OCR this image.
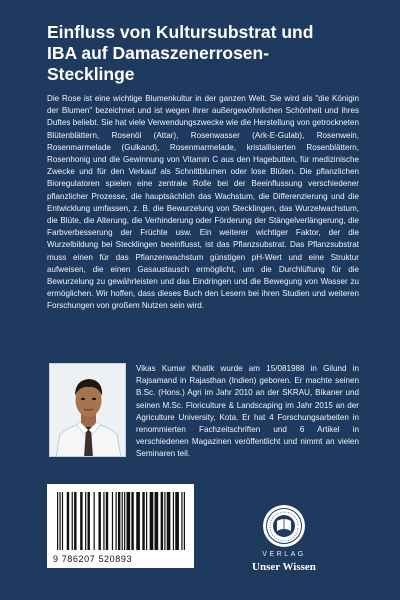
Einfluss von Kultursubstrat und
IBA auf Damaszenerrosen-
Stecklinge

Die Rose ist eine wichtige Blumenkultur in der ganzen Welt. Sie wird als "die Königin der Blumen" bezeichnet und ist wegen ihrer außergewöhnlichen Schönheit und ihres Duftes beliebt. Sie hat viele Verwendungszwecke wie die Herstellung von getrockneten Blütenblättern, Rosenöl (Attar), Rosenwasser (Ark-E-Gulab), Rosenwein, Rosenmarmelade (Gulkand), Rosenmarmelade, kristallisierten Rosenblättern, Rosenhonig und die Gewinnung von Vitamin C aus den Hagebutten, für medizinische Zwecke und für den Verkauf als Schnittblumen oder lose Blüten. Die pflanzlichen Bioregulatoren spielen eine zentrale Rolle bei der Beeinflussung verschiedener pflanzlicher Prozesse, die hauptsächlich das Wachstum, die Differenzierung und die Entwicklung umfassen, z. B. die Bewurzelung von Stecklingen, das Wurzelwachstum, die Blüte, die Alterung, die Verhinderung oder Förderung der Stängelverlängerung, die Farbverbesserung der Früchte usw. Ein weiterer wichtiger Faktor, der die Wurzelbildung bei Stecklingen beeinflusst, ist das Pflanzsubstrat. Das Pflanzsubstrat muss einen für das Pflanzenwachstum günstigen pH-Wert und eine Struktur aufweisen, die einen Gasaustausch ermöglicht, um die Durchlüftung für die Bewurzelung zu gewährleisten und das Eindringen und die Bewegung von Wasser zu ermöglichen. Wir hoffen, dass dieses Buch den Lesern bei ihren Studien und weiteren Forschungen von großem Nutzen sein wird.

Vikas Kumar Khatik wurde am 15/081988 in Gilund in Rajsamand in Rajasthan (Indien) geboren. Er machte seinen B.Sc. (Hons.) Agri im Jahr 2010 an der SKRAU, Bikaner und seinen M.Sc. Floriculture & Landscaping im Jahr 2015 an der Agriculture University, Kota. Er hat 4 Forschungsarbeiten in renommierten Fachzeitschriften und 6 Artikel in verschiedenen Magazinen veröffentlicht und nimmt an vielen Seminaren teil.

9 786207 520893	VERLAG
Unser Wissen
